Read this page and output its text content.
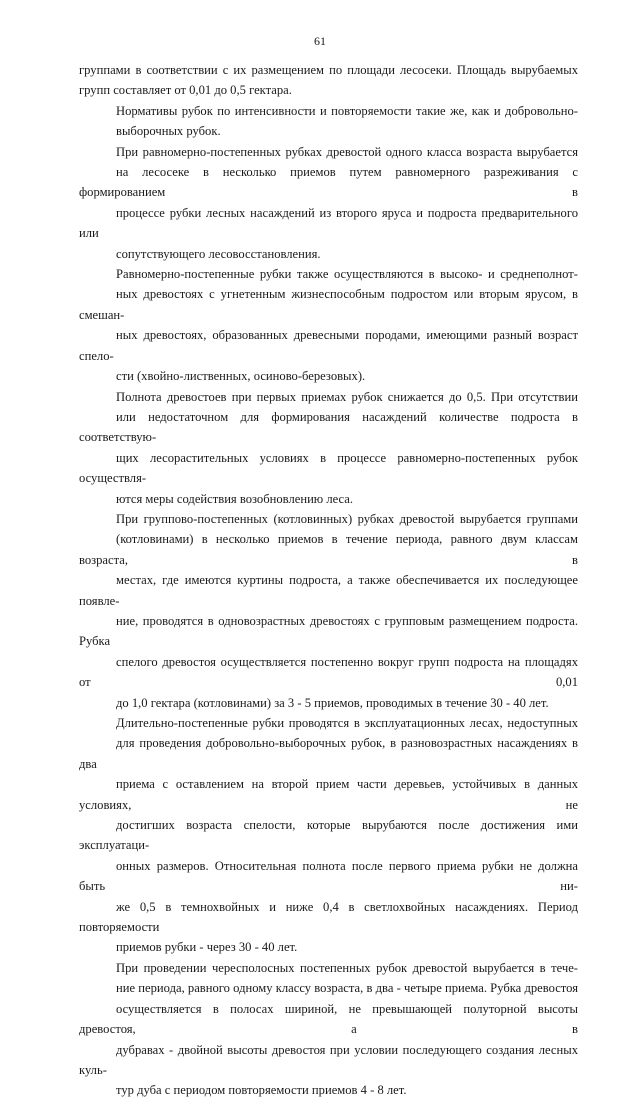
61

группами в соответствии с их размещением по площади лесосеки. Площадь вырубаемых
групп составляет от 0,01 до 0,5 гектара.

Нормативы рубок по интенсивности и повторяемости такие же, как и добровольно-
выборочных рубок.

При равномерно-постепенных рубках древостой одного класса возраста вырубается
на лесосеке в несколько приемов путем равномерного разреживания с формированием в
процессе рубки лесных насаждений из второго яруса и подроста предварительного или
сопутствующего лесовосстановления.

Равномерно-постепенные рубки также осуществляются в высоко- и среднеполнот-
ных древостоях с угнетенным жизнеспособным подростом или вторым ярусом, в смешан-
ных древостоях, образованных древесными породами, имеющими разный возраст спело-
сти (хвойно-лиственных, осиново-березовых).

Полнота древостоев при первых приемах рубок снижается до 0,5. При отсутствии
или недостаточном для формирования насаждений количестве подроста в соответствую-
щих лесорастительных условиях в процессе равномерно-постепенных рубок осуществля-
ются меры содействия возобновлению леса.

При группово-постепенных (котловинных) рубках древостой вырубается группами
(котловинами) в несколько приемов в течение периода, равного двум классам возраста, в
местах, где имеются куртины подроста, а также обеспечивается их последующее появле-
ние, проводятся в одновозрастных древостоях с групповым размещением подроста. Рубка
спелого древостоя осуществляется постепенно вокруг групп подроста на площадях от 0,01
до 1,0 гектара (котловинами) за 3 - 5 приемов, проводимых в течение 30 - 40 лет.

Длительно-постепенные рубки проводятся в эксплуатационных лесах, недоступных
для проведения добровольно-выборочных рубок, в разновозрастных насаждениях в два
приема с оставлением на второй прием части деревьев, устойчивых в данных условиях, не
достигших возраста спелости, которые вырубаются после достижения ими эксплуатаци-
онных размеров. Относительная полнота после первого приема рубки не должна быть ни-
же 0,5 в темнохвойных и ниже 0,4 в светлохвойных насаждениях. Период повторяемости
приемов рубки - через 30 - 40 лет.

При проведении чересполосных постепенных рубок древостой вырубается в тече-
ние периода, равного одному классу возраста, в два - четыре приема. Рубка древостоя
осуществляется в полосах шириной, не превышающей полуторной высоты древостоя, а в
дубравах - двойной высоты древостоя при условии последующего создания лесных куль-
тур дуба с периодом повторяемости приемов 4 - 8 лет.
